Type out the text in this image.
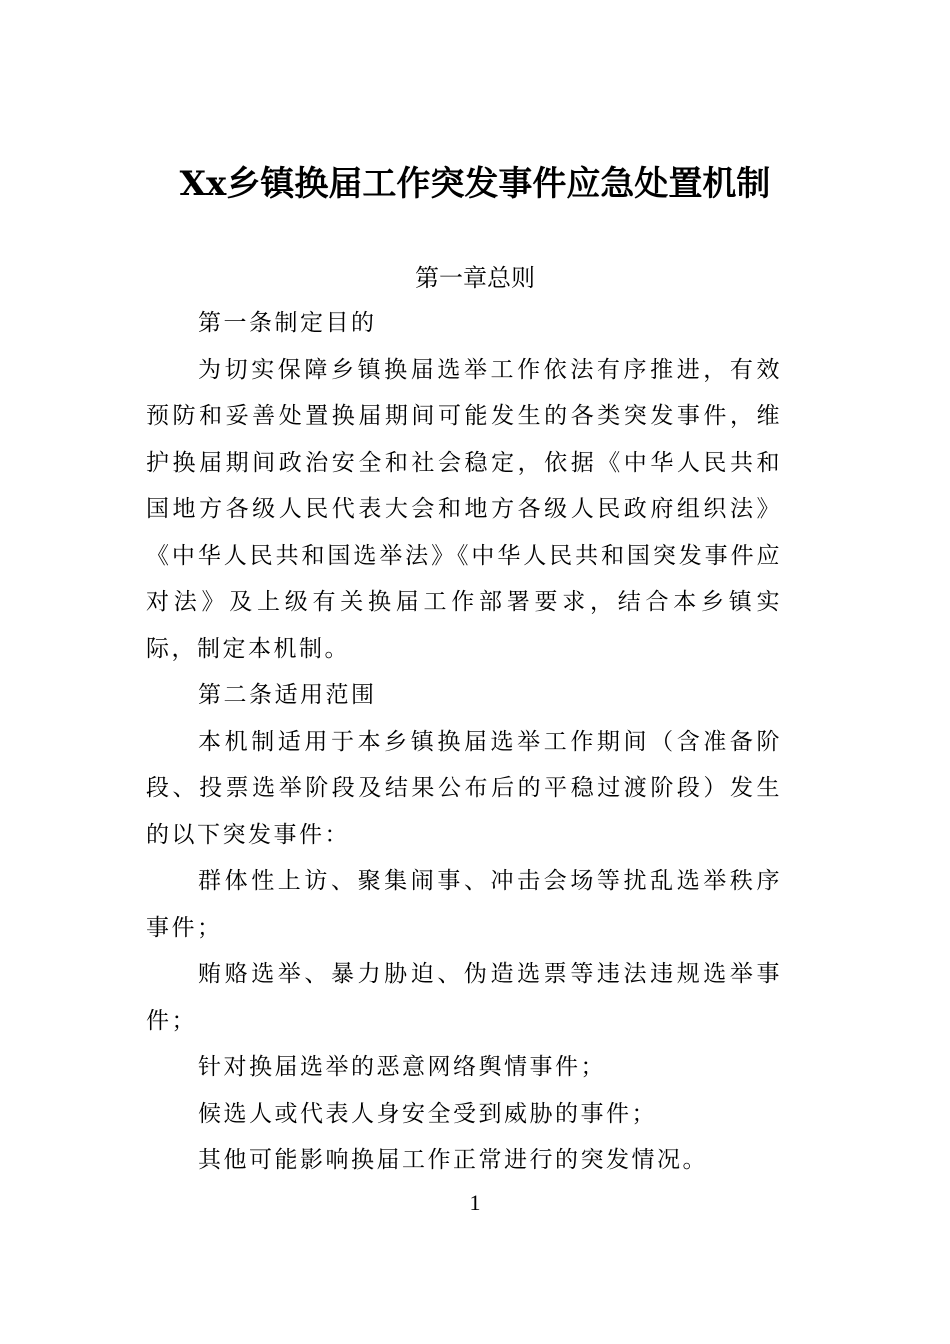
Xx乡镇换届工作突发事件应急处置机制
第一章总则

第一条制定目的

为切实保障乡镇换届选举工作依法有序推进，有效预防和妥善处置换届期间可能发生的各类突发事件，维护换届期间政治安全和社会稳定，依据《中华人民共和国地方各级人民代表大会和地方各级人民政府组织法》《中华人民共和国选举法》《中华人民共和国突发事件应对法》及上级有关换届工作部署要求，结合本乡镇实际，制定本机制。

第二条适用范围

本机制适用于本乡镇换届选举工作期间（含准备阶段、投票选举阶段及结果公布后的平稳过渡阶段）发生的以下突发事件：

群体性上访、聚集闹事、冲击会场等扰乱选举秩序事件；

贿赂选举、暴力胁迫、伪造选票等违法违规选举事件；

针对换届选举的恶意网络舆情事件；

候选人或代表人身安全受到威胁的事件；

其他可能影响换届工作正常进行的突发情况。

1
